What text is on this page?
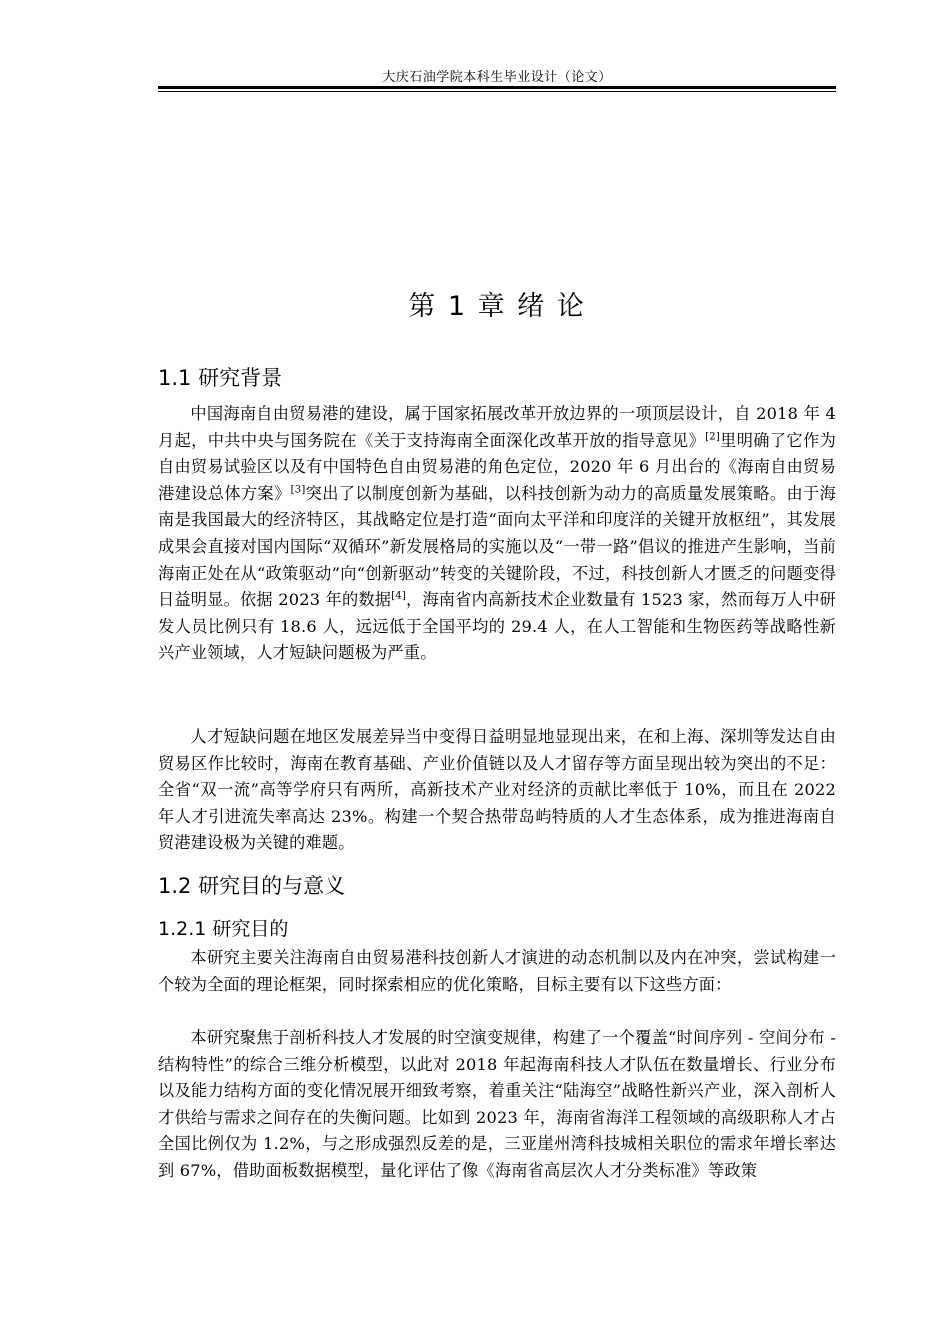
大庆石油学院本科生毕业设计（论文）
第 1 章 绪 论
1.1 研究背景

中国海南自由贸易港的建设，属于国家拓展改革开放边界的一项顶层设计，自 2018 年 4 月起，中共中央与国务院在《关于支持海南全面深化改革开放的指导意见》[2]里明确了它作为自由贸易试验区以及有中国特色自由贸易港的角色定位，2020 年 6 月出台的《海南自由贸易港建设总体方案》[3]突出了以制度创新为基础，以科技创新为动力的高质量发展策略。由于海南是我国最大的经济特区，其战略定位是打造“面向太平洋和印度洋的关键开放枢纽”，其发展成果会直接对国内国际“双循环”新发展格局的实施以及“一带一路”倡议的推进产生影响，当前海南正处在从“政策驱动”向“创新驱动”转变的关键阶段，不过，科技创新人才匮乏的问题变得日益明显。依据 2023 年的数据[4]，海南省内高新技术企业数量有 1523 家，然而每万人中研发人员比例只有 18.6 人，远远低于全国平均的 29.4 人，在人工智能和生物医药等战略性新兴产业领域，人才短缺问题极为严重。

人才短缺问题在地区发展差异当中变得日益明显地显现出来，在和上海、深圳等发达自由贸易区作比较时，海南在教育基础、产业价值链以及人才留存等方面呈现出较为突出的不足：全省“双一流”高等学府只有两所，高新技术产业对经济的贡献比率低于 10%，而且在 2022 年人才引进流失率高达 23%。构建一个契合热带岛屿特质的人才生态体系，成为推进海南自贸港建设极为关键的难题。

1.2 研究目的与意义
1.2.1 研究目的

本研究主要关注海南自由贸易港科技创新人才演进的动态机制以及内在冲突，尝试构建一个较为全面的理论框架，同时探索相应的优化策略，目标主要有以下这些方面：

本研究聚焦于剖析科技人才发展的时空演变规律，构建了一个覆盖“时间序列 - 空间分布 - 结构特性”的综合三维分析模型，以此对 2018 年起海南科技人才队伍在数量增长、行业分布以及能力结构方面的变化情况展开细致考察，着重关注“陆海空”战略性新兴产业，深入剖析人才供给与需求之间存在的失衡问题。比如到 2023 年，海南省海洋工程领域的高级职称人才占全国比例仅为 1.2%，与之形成强烈反差的是，三亚崖州湾科技城相关职位的需求年增长率达到 67%，借助面板数据模型，量化评估了像《海南省高层次人才分类标准》等政策
